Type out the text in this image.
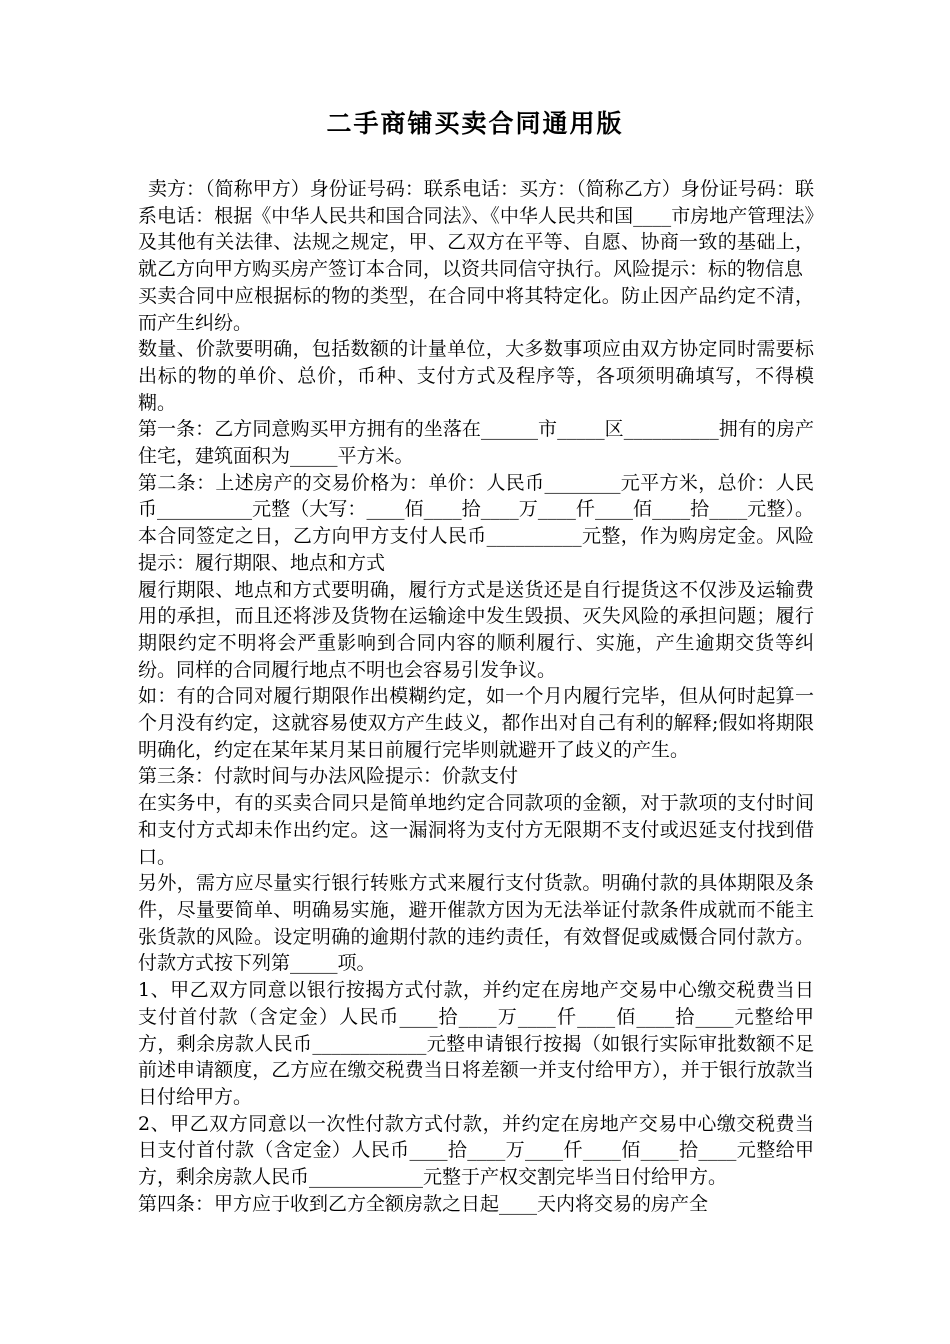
二手商铺买卖合同通用版

卖方：（简称甲方）身份证号码：联系电话：买方：（简称乙方）身份证号码：联系电话：根据《中华人民共和国合同法》、《中华人民共和国____市房地产管理法》及其他有关法律、法规之规定，甲、乙双方在平等、自愿、协商一致的基础上，就乙方向甲方购买房产签订本合同，以资共同信守执行。风险提示：标的物信息

买卖合同中应根据标的物的类型，在合同中将其特定化。防止因产品约定不清，而产生纠纷。

数量、价款要明确，包括数额的计量单位，大多数事项应由双方协定同时需要标出标的物的单价、总价，币种、支付方式及程序等，各项须明确填写，不得模糊。

第一条：乙方同意购买甲方拥有的坐落在______市_____区__________拥有的房产住宅，建筑面积为_____平方米。

第二条：上述房产的交易价格为：单价：人民币________元平方米，总价：人民币__________元整（大写：____佰____拾____万____仟____佰____拾____元整）。本合同签定之日，乙方向甲方支付人民币__________元整，作为购房定金。风险提示：履行期限、地点和方式

履行期限、地点和方式要明确，履行方式是送货还是自行提货这不仅涉及运输费用的承担，而且还将涉及货物在运输途中发生毁损、灭失风险的承担问题；履行期限约定不明将会严重影响到合同内容的顺利履行、实施，产生逾期交货等纠纷。同样的合同履行地点不明也会容易引发争议。

如：有的合同对履行期限作出模糊约定，如一个月内履行完毕，但从何时起算一个月没有约定，这就容易使双方产生歧义，都作出对自己有利的解释;假如将期限明确化，约定在某年某月某日前履行完毕则就避开了歧义的产生。

第三条：付款时间与办法风险提示：价款支付

在实务中，有的买卖合同只是简单地约定合同款项的金额，对于款项的支付时间和支付方式却未作出约定。这一漏洞将为支付方无限期不支付或迟延支付找到借口。

另外，需方应尽量实行银行转账方式来履行支付货款。明确付款的具体期限及条件，尽量要简单、明确易实施，避开催款方因为无法举证付款条件成就而不能主张货款的风险。设定明确的逾期付款的违约责任，有效督促或威慑合同付款方。 付款方式按下列第_____项。

1、甲乙双方同意以银行按揭方式付款，并约定在房地产交易中心缴交税费当日支付首付款（含定金）人民币____拾____万____仟____佰____拾____元整给甲方，剩余房款人民币____________元整申请银行按揭（如银行实际审批数额不足前述申请额度，乙方应在缴交税费当日将差额一并支付给甲方），并于银行放款当日付给甲方。

2、甲乙双方同意以一次性付款方式付款，并约定在房地产交易中心缴交税费当日支付首付款（含定金）人民币____拾____万____仟____佰____拾____元整给甲方，剩余房款人民币____________元整于产权交割完毕当日付给甲方。

第四条：甲方应于收到乙方全额房款之日起____天内将交易的房产全
